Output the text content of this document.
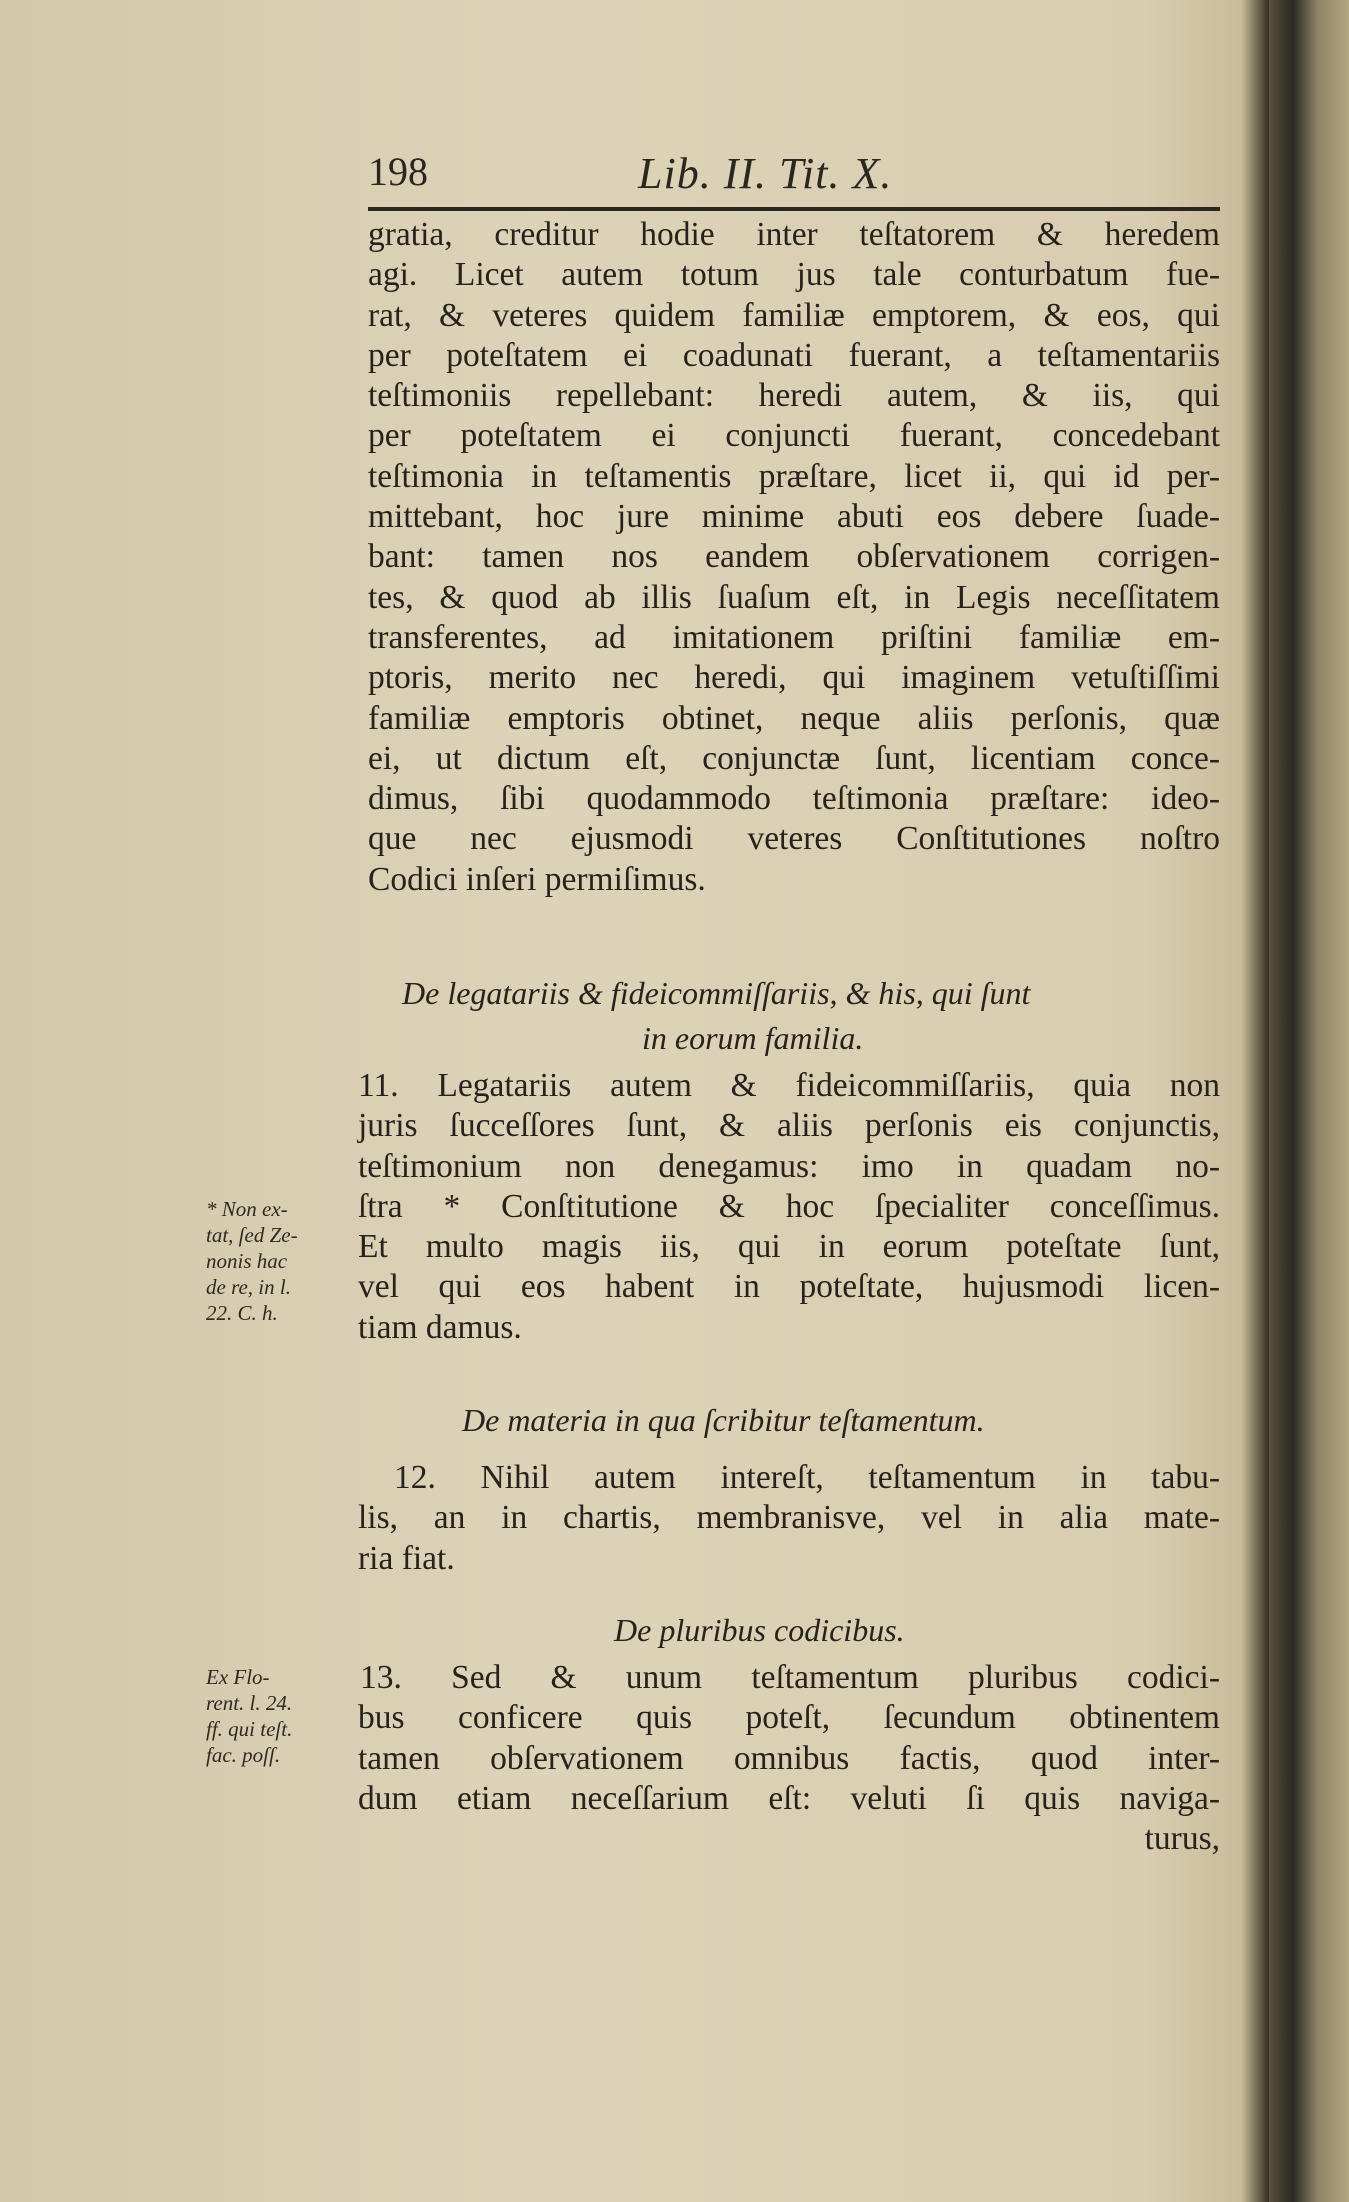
198	Lib. II. Tit. X.
gratia, creditur hodie inter teſtatorem & heredem
agi. Licet autem totum jus tale conturbatum fue-
rat, & veteres quidem familiæ emptorem, & eos, qui
per poteſtatem ei coadunati fuerant, a teſtamentariis
teſtimoniis repellebant: heredi autem, & iis, qui
per poteſtatem ei conjuncti fuerant, concedebant
teſtimonia in teſtamentis præſtare, licet ii, qui id per-
mittebant, hoc jure minime abuti eos debere ſuade-
bant: tamen nos eandem obſervationem corrigen-
tes, & quod ab illis ſuaſum eſt, in Legis neceſſitatem
transferentes, ad imitationem priſtini familiæ em-
ptoris, merito nec heredi, qui imaginem vetuſtiſſimi
familiæ emptoris obtinet, neque aliis perſonis, quæ
ei, ut dictum eſt, conjunctæ ſunt, licentiam conce-
dimus, ſibi quodammodo teſtimonia præſtare: ideo-
que nec ejusmodi veteres Conſtitutiones noſtro
Codici inſeri permiſimus.
De legatariis & fideicommiſſariis, & his, qui ſunt
in eorum familia.
11. Legatariis autem & fideicommiſſariis, quia non
juris ſucceſſores ſunt, & aliis perſonis eis conjunctis,
teſtimonium non denegamus: imo in quadam no-
ſtra * Conſtitutione & hoc ſpecialiter conceſſimus.
Et multo magis iis, qui in eorum poteſtate ſunt,
vel qui eos habent in poteſtate, hujusmodi licen-
tiam damus.
* Non ex-
tat, ſed Ze-
nonis hac
de re, in l.
22. C. h.
De materia in qua ſcribitur teſtamentum.
12. Nihil autem intereſt, teſtamentum in tabu-
lis, an in chartis, membranisve, vel in alia mate-
ria fiat.
De pluribus codicibus.
13. Sed & unum teſtamentum pluribus codici-
bus conficere quis poteſt, ſecundum obtinentem
tamen obſervationem omnibus factis, quod inter-
dum etiam neceſſarium eſt: veluti ſi quis naviga-
turus,
Ex Flo-
rent. l. 24.
ff. qui teſt.
fac. poſſ.
